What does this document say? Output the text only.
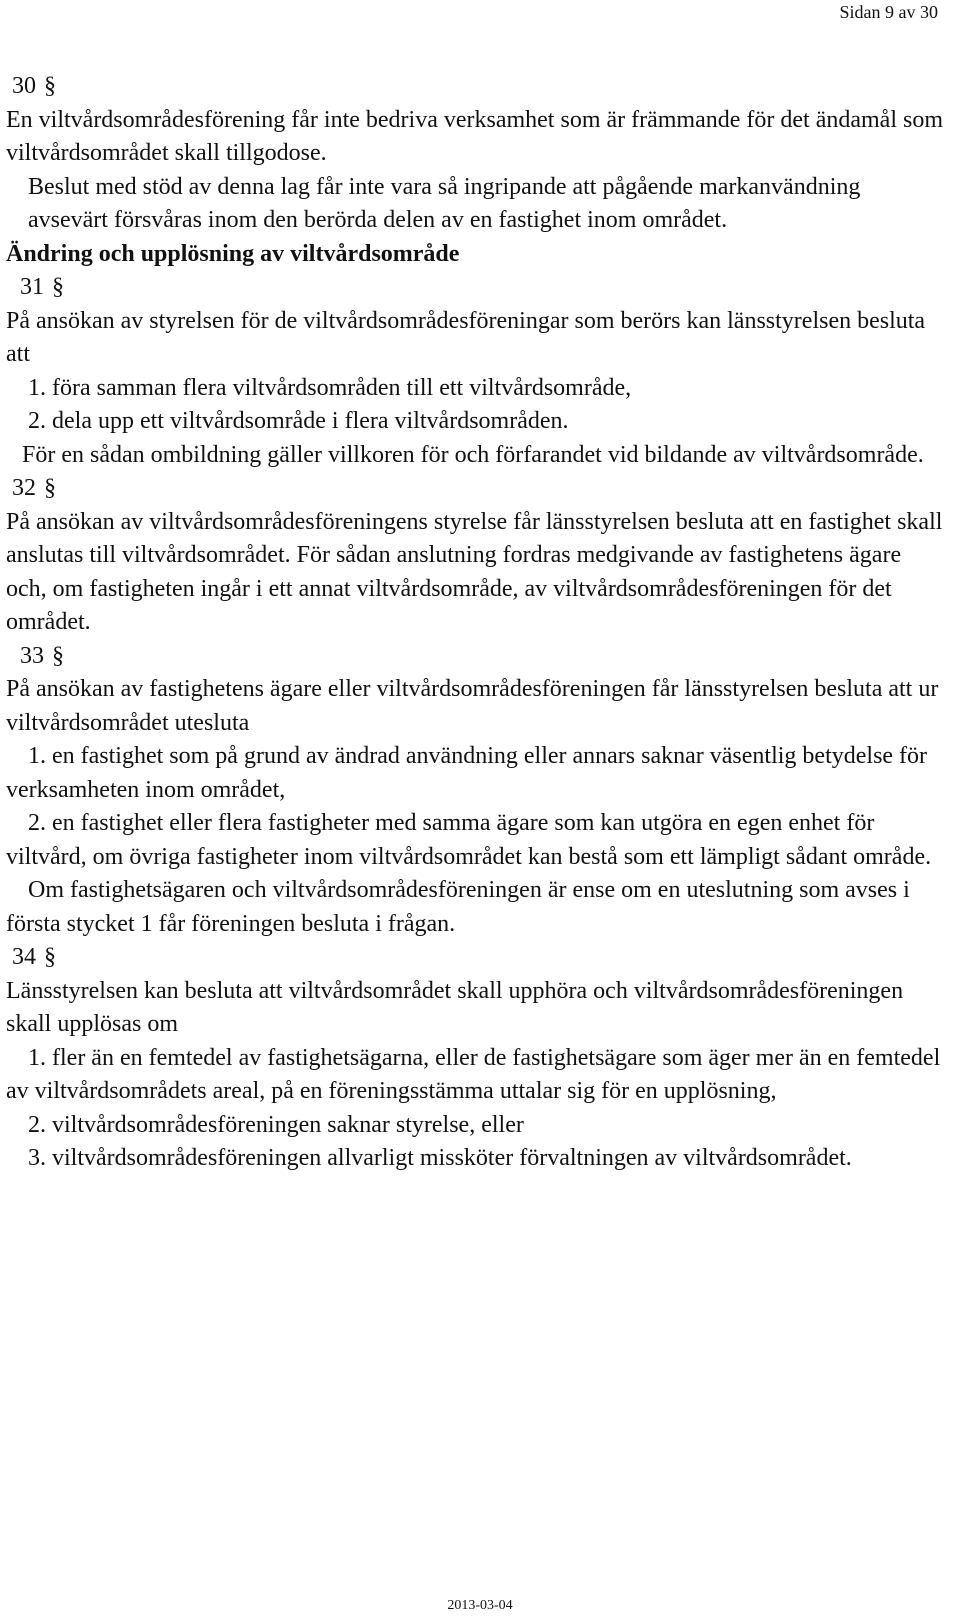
Sidan 9 av 30

30 §

En viltvårdsområdesförening får inte bedriva verksamhet som är främmande för det ändamål som viltvårdsområdet skall tillgodose.

Beslut med stöd av denna lag får inte vara så ingripande att pågående markanvändning avsevärt försvåras inom den berörda delen av en fastighet inom området.

Ändring och upplösning av viltvårdsområde

31 §

På ansökan av styrelsen för de viltvårdsområdesföreningar som berörs kan länsstyrelsen besluta att

1. föra samman flera viltvårdsområden till ett viltvårdsområde,

2. dela upp ett viltvårdsområde i flera viltvårdsområden.

För en sådan ombildning gäller villkoren för och förfarandet vid bildande av viltvårdsområde.

32 §

På ansökan av viltvårdsområdesföreningens styrelse får länsstyrelsen besluta att en fastighet skall anslutas till viltvårdsområdet. För sådan anslutning fordras medgivande av fastighetens ägare och, om fastigheten ingår i ett annat viltvårdsområde, av viltvårdsområdesföreningen för det området.

33 §

På ansökan av fastighetens ägare eller viltvårdsområdesföreningen får länsstyrelsen besluta att ur viltvårdsområdet utesluta

1. en fastighet som på grund av ändrad användning eller annars saknar väsentlig betydelse för verksamheten inom området,

2. en fastighet eller flera fastigheter med samma ägare som kan utgöra en egen enhet för viltvård, om övriga fastigheter inom viltvårdsområdet kan bestå som ett lämpligt sådant område.

Om fastighetsägaren och viltvårdsområdesföreningen är ense om en uteslutning som avses i första stycket 1 får föreningen besluta i frågan.

34 §

Länsstyrelsen kan besluta att viltvårdsområdet skall upphöra och viltvårdsområdesföreningen skall upplösas om

1. fler än en femtedel av fastighetsägarna, eller de fastighetsägare som äger mer än en femtedel av viltvårdsområdets areal, på en föreningsstämma uttalar sig för en upplösning,

2. viltvårdsområdesföreningen saknar styrelse, eller

3. viltvårdsområdesföreningen allvarligt missköter förvaltningen av viltvårdsområdet.

2013-03-04
